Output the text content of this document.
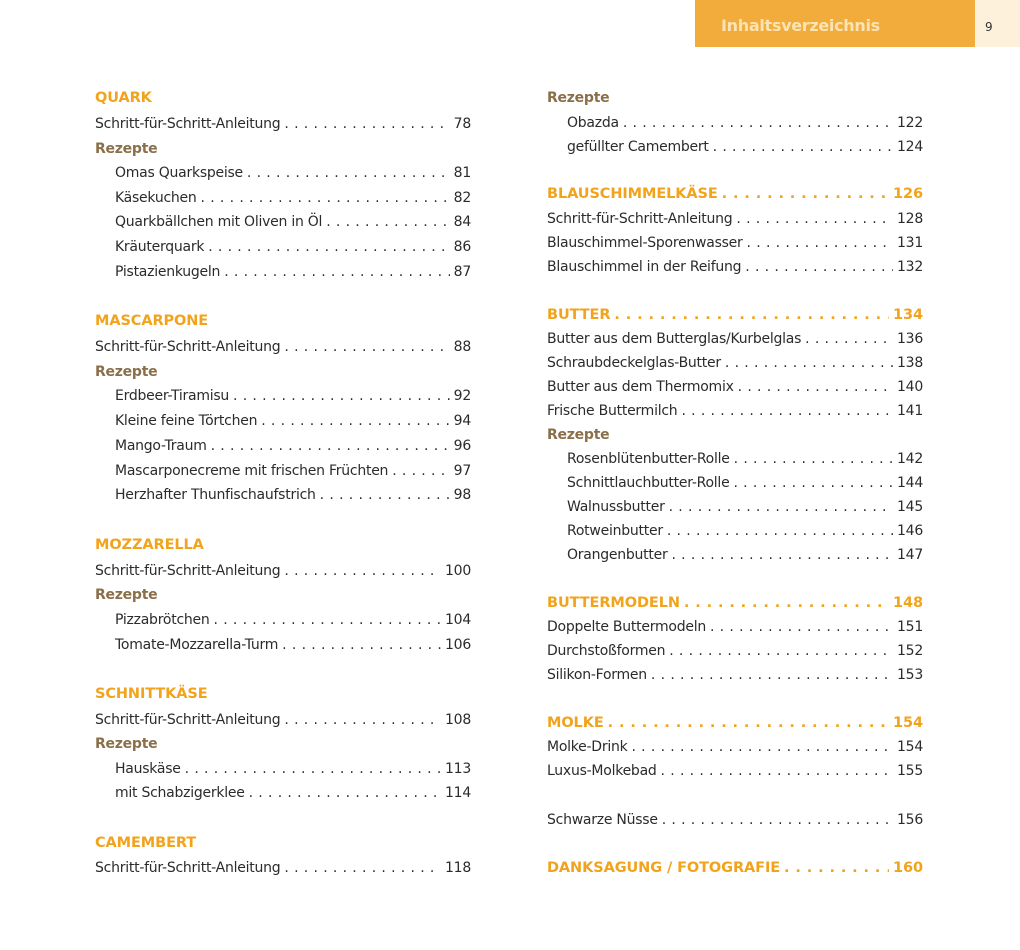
Inhaltsverzeichnis	9
QUARK
Schritt-für-Schritt-Anleitung . . .	78
Rezepte
Omas Quarkspeise . . .	81
Käsekuchen . . .	82
Quarkbällchen mit Oliven in Öl . . .	84
Kräuterquark . . .	86
Pistazienkugeln . . .	87
MASCARPONE
Schritt-für-Schritt-Anleitung . . .	88
Rezepte
Erdbeer-Tiramisu . . .	92
Kleine feine Törtchen . . .	94
Mango-Traum . . .	96
Mascarponecreme mit frischen Früchten . . .	97
Herzhafter Thunfischaufstrich . . .	98
MOZZARELLA
Schritt-für-Schritt-Anleitung . . .	100
Rezepte
Pizzabrötchen . . .	104
Tomate-Mozzarella-Turm . . .	106
SCHNITTKÄSE
Schritt-für-Schritt-Anleitung . . .	108
Rezepte
Hauskäse . . .	113
mit Schabzigerklee . . .	114
CAMEMBERT
Schritt-für-Schritt-Anleitung . . .	118
Rezepte
Obazda . . .	122
gefüllter Camembert . . .	124
BLAUSCHIMMELKÄSE . . .	126
Schritt-für-Schritt-Anleitung . . .	128
Blauschimmel-Sporenwasser . . .	131
Blauschimmel in der Reifung . . .	132
BUTTER . . .	134
Butter aus dem Butterglas/Kurbelglas . . .	136
Schraubdeckelglas-Butter . . .	138
Butter aus dem Thermomix . . .	140
Frische Buttermilch . . .	141
Rezepte
Rosenblütenbutter-Rolle . . .	142
Schnittlauchbutter-Rolle . . .	144
Walnussbutter . . .	145
Rotweinbutter . . .	146
Orangenbutter . . .	147
BUTTERMODELN . . .	148
Doppelte Buttermodeln . . .	151
Durchstoßformen . . .	152
Silikon-Formen . . .	153
MOLKE . . .	154
Molke-Drink . . .	154
Luxus-Molkebad . . .	155
Schwarze Nüsse . . .	156
DANKSAGUNG / FOTOGRAFIE . . .	160
